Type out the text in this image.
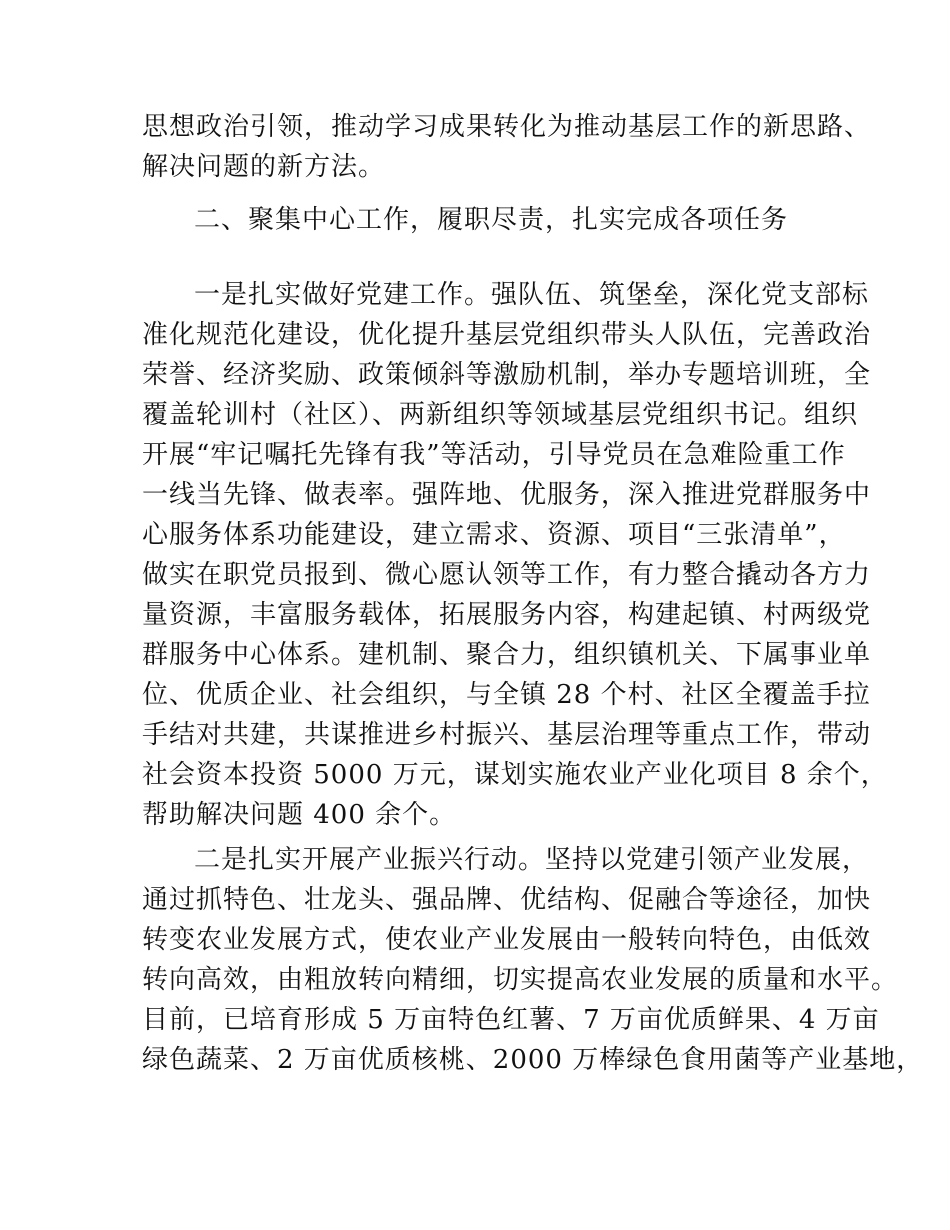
思想政治引领，推动学习成果转化为推动基层工作的新思路、
解决问题的新方法。
二、聚集中心工作，履职尽责，扎实完成各项任务
一是扎实做好党建工作。强队伍、筑堡垒，深化党支部标
准化规范化建设，优化提升基层党组织带头人队伍，完善政治
荣誉、经济奖励、政策倾斜等激励机制，举办专题培训班，全
覆盖轮训村（社区）、两新组织等领域基层党组织书记。组织
开展“牢记嘱托先锋有我”等活动，引导党员在急难险重工作
一线当先锋、做表率。强阵地、优服务，深入推进党群服务中
心服务体系功能建设，建立需求、资源、项目“三张清单”，
做实在职党员报到、微心愿认领等工作，有力整合撬动各方力
量资源，丰富服务载体，拓展服务内容，构建起镇、村两级党
群服务中心体系。建机制、聚合力，组织镇机关、下属事业单
位、优质企业、社会组织，与全镇 28 个村、社区全覆盖手拉
手结对共建，共谋推进乡村振兴、基层治理等重点工作，带动
社会资本投资 5000 万元，谋划实施农业产业化项目 8 余个，
帮助解决问题 400 余个。
二是扎实开展产业振兴行动。坚持以党建引领产业发展，
通过抓特色、壮龙头、强品牌、优结构、促融合等途径，加快
转变农业发展方式，使农业产业发展由一般转向特色，由低效
转向高效，由粗放转向精细，切实提高农业发展的质量和水平。
目前，已培育形成 5 万亩特色红薯、7 万亩优质鲜果、4 万亩
绿色蔬菜、2 万亩优质核桃、2000 万棒绿色食用菌等产业基地，
